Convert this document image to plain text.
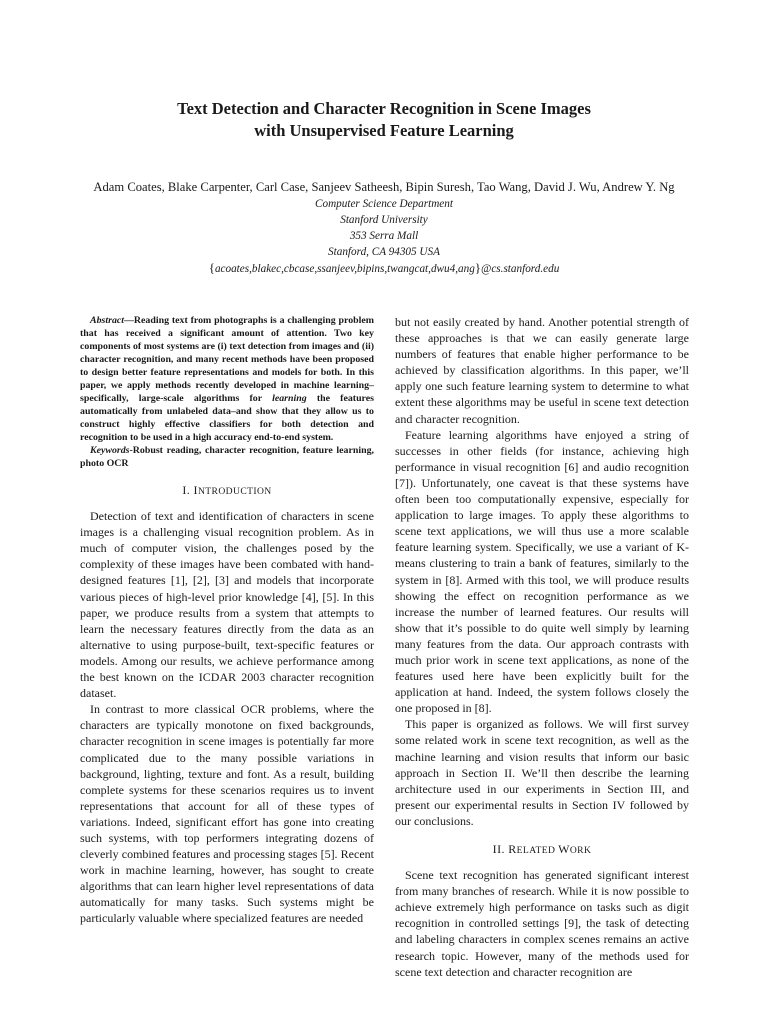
Text Detection and Character Recognition in Scene Images
with Unsupervised Feature Learning
Adam Coates, Blake Carpenter, Carl Case, Sanjeev Satheesh, Bipin Suresh, Tao Wang, David J. Wu, Andrew Y. Ng
Computer Science Department
Stanford University
353 Serra Mall
Stanford, CA 94305 USA
{acoates,blakec,cbcase,ssanjeev,bipins,twangcat,dwu4,ang}@cs.stanford.edu

Abstract—Reading text from photographs is a challenging problem that has received a significant amount of attention. Two key components of most systems are (i) text detection from images and (ii) character recognition, and many recent methods have been proposed to design better feature representations and models for both. In this paper, we apply methods recently developed in machine learning–specifically, large-scale algorithms for learning the features automatically from unlabeled data–and show that they allow us to construct highly effective classifiers for both detection and recognition to be used in a high accuracy end-to-end system.

Keywords-Robust reading, character recognition, feature learning, photo OCR

I. INTRODUCTION

Detection of text and identification of characters in scene images is a challenging visual recognition problem. As in much of computer vision, the challenges posed by the complexity of these images have been combated with hand-designed features [1], [2], [3] and models that incorporate various pieces of high-level prior knowledge [4], [5]. In this paper, we produce results from a system that attempts to learn the necessary features directly from the data as an alternative to using purpose-built, text-specific features or models. Among our results, we achieve performance among the best known on the ICDAR 2003 character recognition dataset.

In contrast to more classical OCR problems, where the characters are typically monotone on fixed backgrounds, character recognition in scene images is potentially far more complicated due to the many possible variations in background, lighting, texture and font. As a result, building complete systems for these scenarios requires us to invent representations that account for all of these types of variations. Indeed, significant effort has gone into creating such systems, with top performers integrating dozens of cleverly combined features and processing stages [5]. Recent work in machine learning, however, has sought to create algorithms that can learn higher level representations of data automatically for many tasks. Such systems might be particularly valuable where specialized features are needed

but not easily created by hand. Another potential strength of these approaches is that we can easily generate large numbers of features that enable higher performance to be achieved by classification algorithms. In this paper, we’ll apply one such feature learning system to determine to what extent these algorithms may be useful in scene text detection and character recognition.

Feature learning algorithms have enjoyed a string of successes in other fields (for instance, achieving high performance in visual recognition [6] and audio recognition [7]). Unfortunately, one caveat is that these systems have often been too computationally expensive, especially for application to large images. To apply these algorithms to scene text applications, we will thus use a more scalable feature learning system. Specifically, we use a variant of K-means clustering to train a bank of features, similarly to the system in [8]. Armed with this tool, we will produce results showing the effect on recognition performance as we increase the number of learned features. Our results will show that it’s possible to do quite well simply by learning many features from the data. Our approach contrasts with much prior work in scene text applications, as none of the features used here have been explicitly built for the application at hand. Indeed, the system follows closely the one proposed in [8].

This paper is organized as follows. We will first survey some related work in scene text recognition, as well as the machine learning and vision results that inform our basic approach in Section II. We’ll then describe the learning architecture used in our experiments in Section III, and present our experimental results in Section IV followed by our conclusions.

II. RELATED WORK

Scene text recognition has generated significant interest from many branches of research. While it is now possible to achieve extremely high performance on tasks such as digit recognition in controlled settings [9], the task of detecting and labeling characters in complex scenes remains an active research topic. However, many of the methods used for scene text detection and character recognition are
